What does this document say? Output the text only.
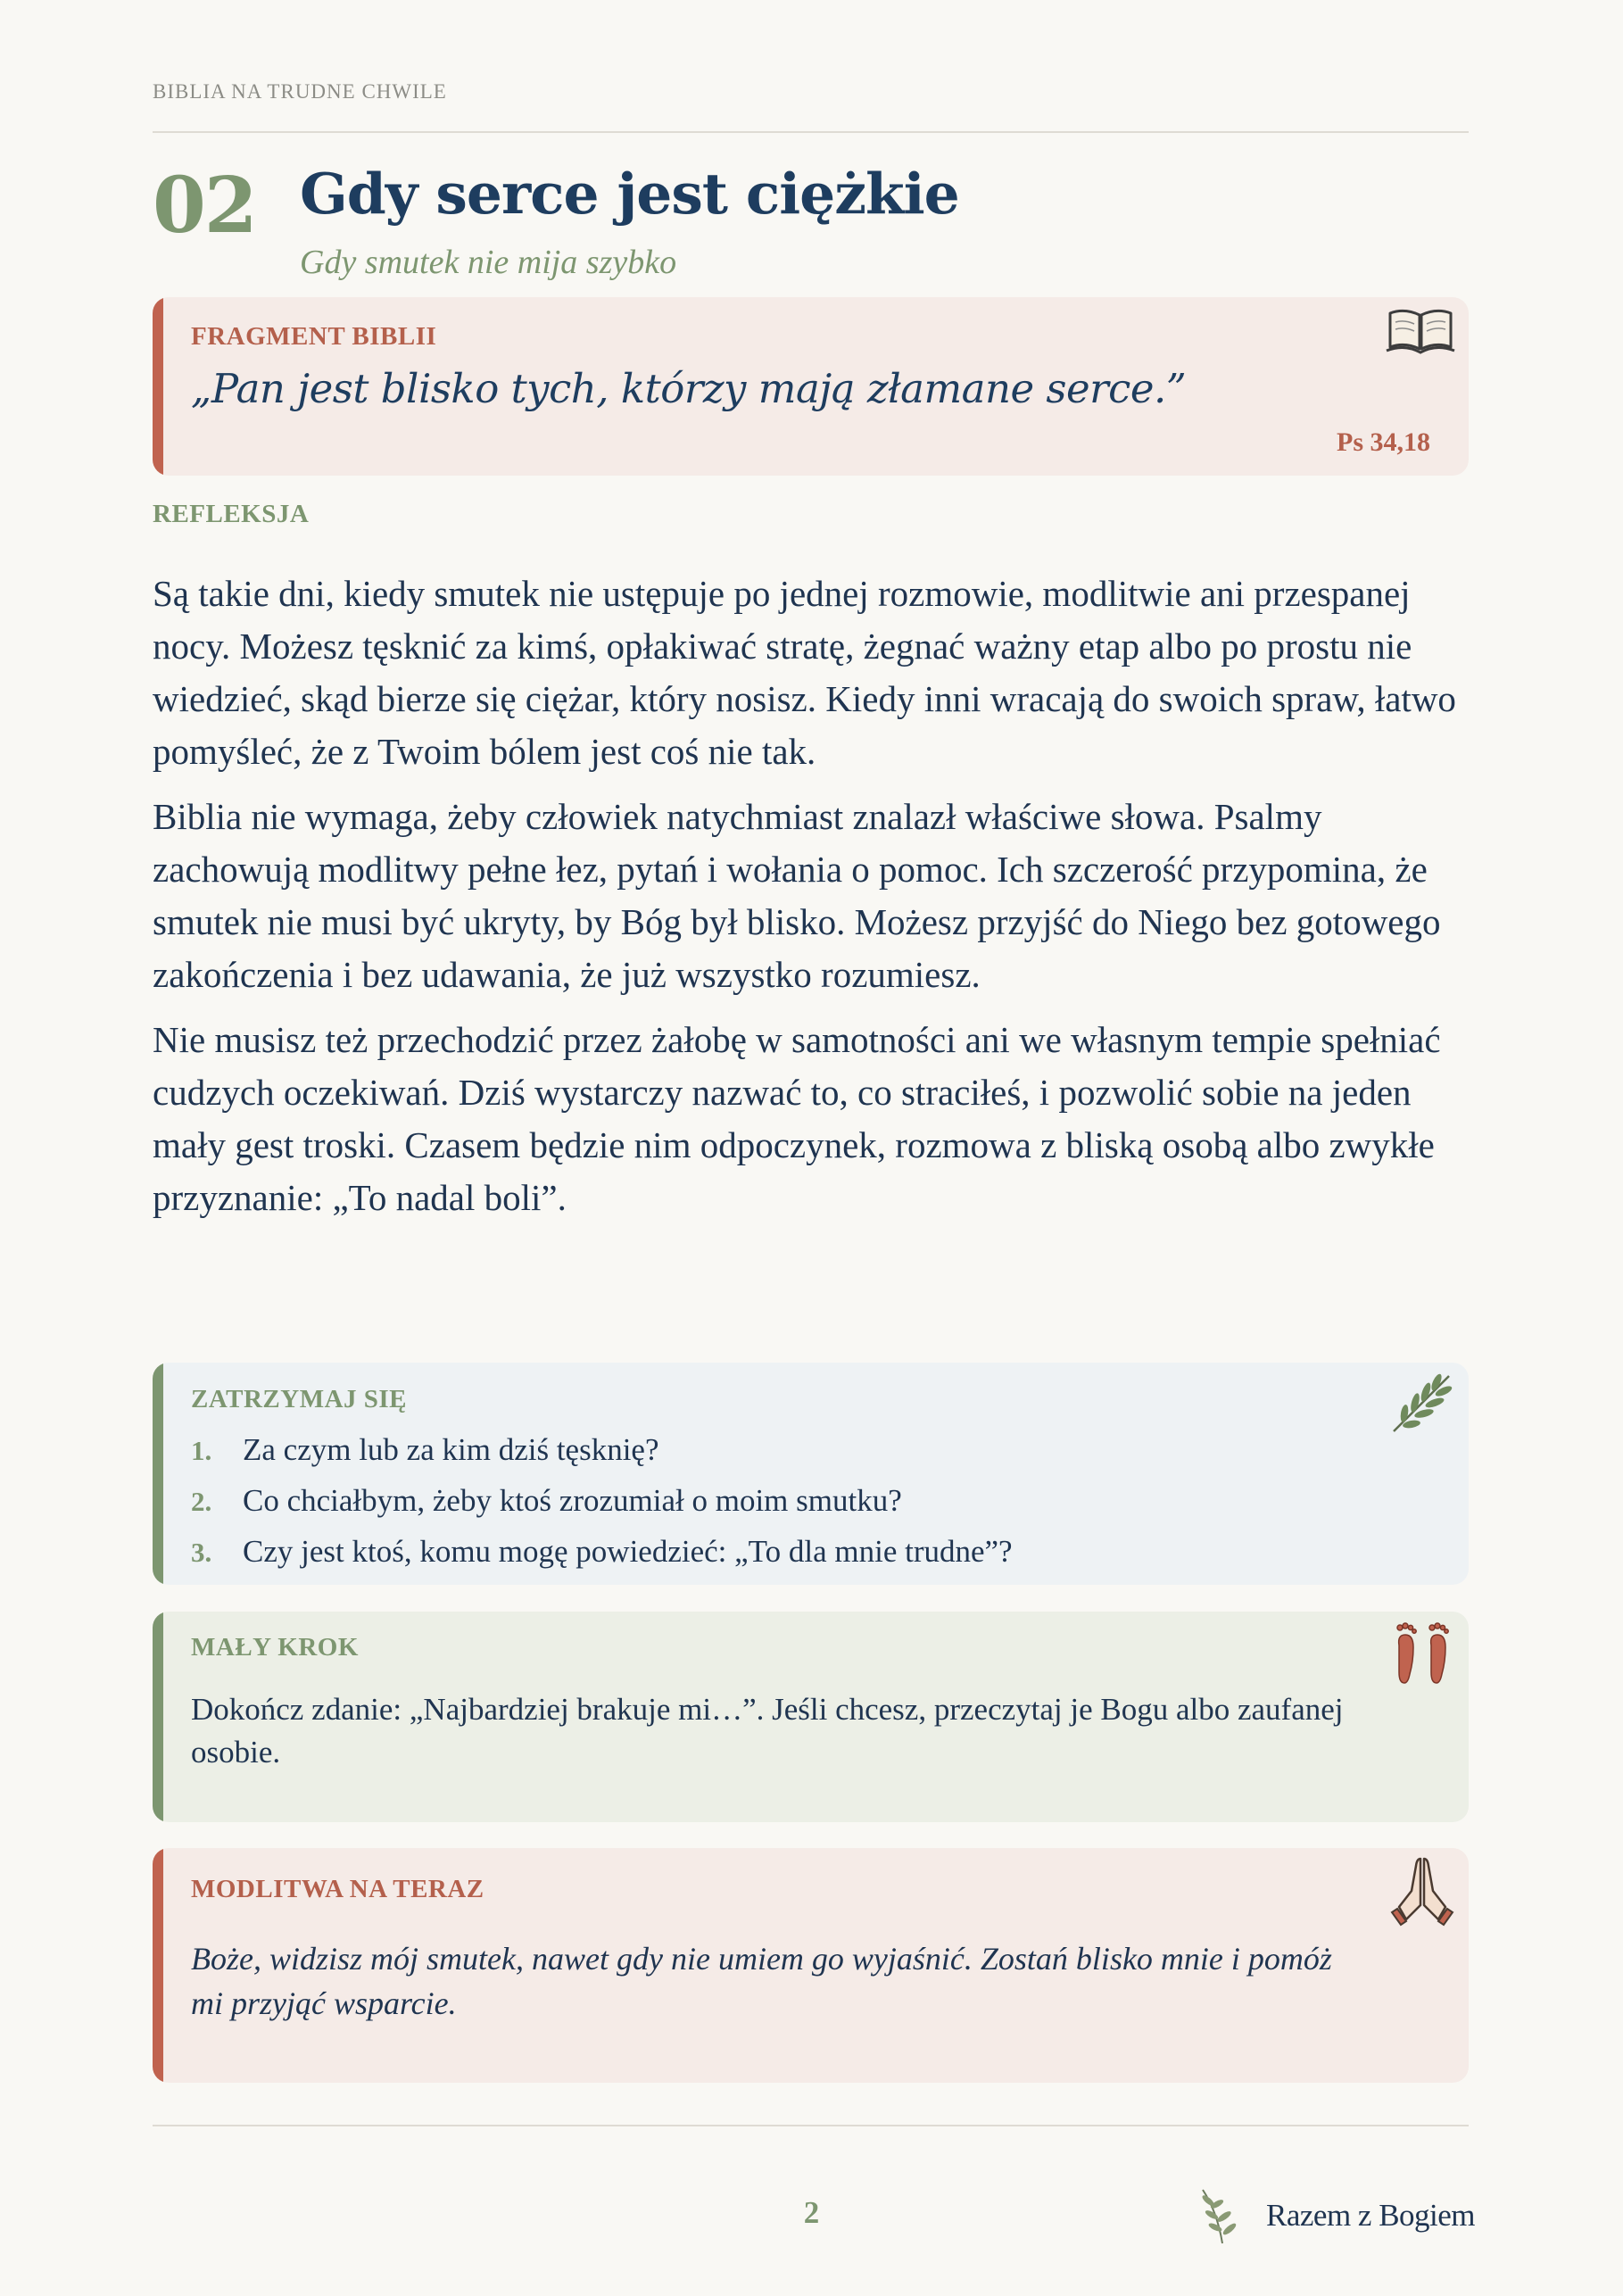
BIBLIA NA TRUDNE CHWILE
02 Gdy serce jest ciężkie
Gdy smutek nie mija szybko
FRAGMENT BIBLII
„Pan jest blisko tych, którzy mają złamane serce.”
Ps 34,18
REFLEKSJA

Są takie dni, kiedy smutek nie ustępuje po jednej rozmowie, modlitwie ani przespanej nocy. Możesz tęsknić za kimś, opłakiwać stratę, żegnać ważny etap albo po prostu nie wiedzieć, skąd bierze się ciężar, który nosisz. Kiedy inni wracają do swoich spraw, łatwo pomyśleć, że z Twoim bólem jest coś nie tak.

Biblia nie wymaga, żeby człowiek natychmiast znalazł właściwe słowa. Psalmy zachowują modlitwy pełne łez, pytań i wołania o pomoc. Ich szczerość przypomina, że smutek nie musi być ukryty, by Bóg był blisko. Możesz przyjść do Niego bez gotowego zakończenia i bez udawania, że już wszystko rozumiesz.

Nie musisz też przechodzić przez żałobę w samotności ani we własnym tempie spełniać cudzych oczekiwań. Dziś wystarczy nazwać to, co straciłeś, i pozwolić sobie na jeden mały gest troski. Czasem będzie nim odpoczynek, rozmowa z bliską osobą albo zwykłe przyznanie: „To nadal boli”.

ZATRZYMAJ SIĘ
1. Za czym lub za kim dziś tęsknię?
2. Co chciałbym, żeby ktoś zrozumiał o moim smutku?
3. Czy jest ktoś, komu mogę powiedzieć: „To dla mnie trudne”?
MAŁY KROK
Dokończ zdanie: „Najbardziej brakuje mi…”. Jeśli chcesz, przeczytaj je Bogu albo zaufanej osobie.
MODLITWA NA TERAZ
Boże, widzisz mój smutek, nawet gdy nie umiem go wyjaśnić. Zostań blisko mnie i pomóż mi przyjąć wsparcie.
2	Razem z Bogiem
